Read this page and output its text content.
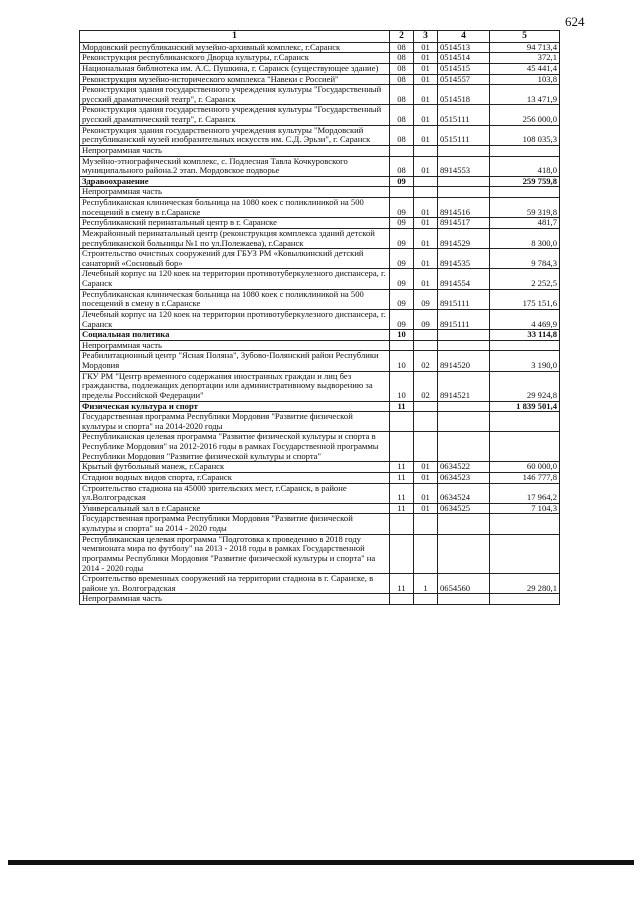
624
1	2	3	4	5
Мордовский республиканский музейно-архивный комплекс, г.Саранск	08	01	0514513	94 713,4
Реконструкция республиканского Дворца культуры, г.Саранск	08	01	0514514	372,1
Национальная библиотека им. А.С. Пушкина, г. Саранск (существующее здание)	08	01	0514515	45 441,4
Реконструкция музейно-исторического комплекса "Навеки с Россией"	08	01	0514557	103,8
Реконструкция здания государственного учреждения культуры "Государственный русский драматический театр", г. Саранск	08	01	0514518	13 471,9
Реконструкция здания государственного учреждения культуры "Государственный русский драматический театр", г. Саранск	08	01	0515111	256 000,0
Реконструкция здания государственного учреждения культуры "Мордовский республиканский музей изобразительных искусств им. С.Д. Эрьзи", г. Саранск	08	01	0515111	108 035,3
Непрограммная часть				
Музейно-этнографический комплекс, с. Подлесная Тавла Кочкуровского муниципального района.2 этап. Мордовское подворье	08	01	8914553	418,0
Здравоохранение	09			259 759,8
Непрограммная часть				
Республиканская клиническая больница на 1080 коек с поликлиникой на 500 посещений в смену в г.Саранске	09	01	8914516	59 319,8
Республиканский перинатальный центр в г. Саранске	09	01	8914517	481,7
Межрайонный перинатальный центр (реконструкция комплекса зданий детской республиканской больницы №1 по ул.Полежаева), г.Саранск	09	01	8914529	8 300,0
Строительство очистных сооружений для ГБУЗ РМ «Ковылкинский детский санаторий «Сосновый бор»	09	01	8914535	9 784,3
Лечебный корпус на 120 коек на территории противотуберкулезного диспансера, г. Саранск	09	01	8914554	2 252,5
Республиканская клиническая больница на 1080 коек с поликлиникой на 500 посещений в смену в г.Саранске	09	09	8915111	175 151,6
Лечебный корпус на 120 коек на территории противотуберкулезного диспансера, г. Саранск	09	09	8915111	4 469,9
Социальная политика	10			33 114,8
Непрограммная часть				
Реабилитационный центр "Ясная Поляна", Зубово-Полянский район Республики Мордовия	10	02	8914520	3 190,0
ГКУ РМ "Центр временного содержания иностранных граждан и лиц без гражданства, подлежащих депортации или административному выдворению за пределы Российской Федерации"	10	02	8914521	29 924,8
Физическая культура и спорт	11			1 839 501,4
Государственная программа Республики Мордовия "Развитие физической культуры и спорта" на 2014-2020 годы				
Республиканская целевая программа "Развитие физической культуры и спорта в Республике Мордовия" на 2012-2016 годы в рамках Государственной программы Республики Мордовия "Развитие физической культуры и спорта"				
Крытый футбольный манеж, г.Саранск	11	01	0634522	60 000,0
Стадион водных видов спорта, г.Саранск	11	01	0634523	146 777,8
Строительство стадиона на 45000 зрительских мест, г.Саранск, в районе ул.Волгоградская	11	01	0634524	17 964,2
Универсальный зал в г.Саранске	11	01	0634525	7 104,3
Государственная программа Республики Мордовия "Развитие физической культуры и спорта" на 2014 - 2020 годы				
Республиканская целевая программа "Подготовка к проведению в 2018 году чемпионата мира по футболу" на 2013 - 2018 годы в рамках Государственной программы Республики Мордовия "Развитие физической культуры и спорта" на 2014 - 2020 годы				
Строительство временных сооружений на территории стадиона в г. Саранске, в районе ул. Волгоградская	11	1	0654560	29 280,1
Непрограммная часть				
